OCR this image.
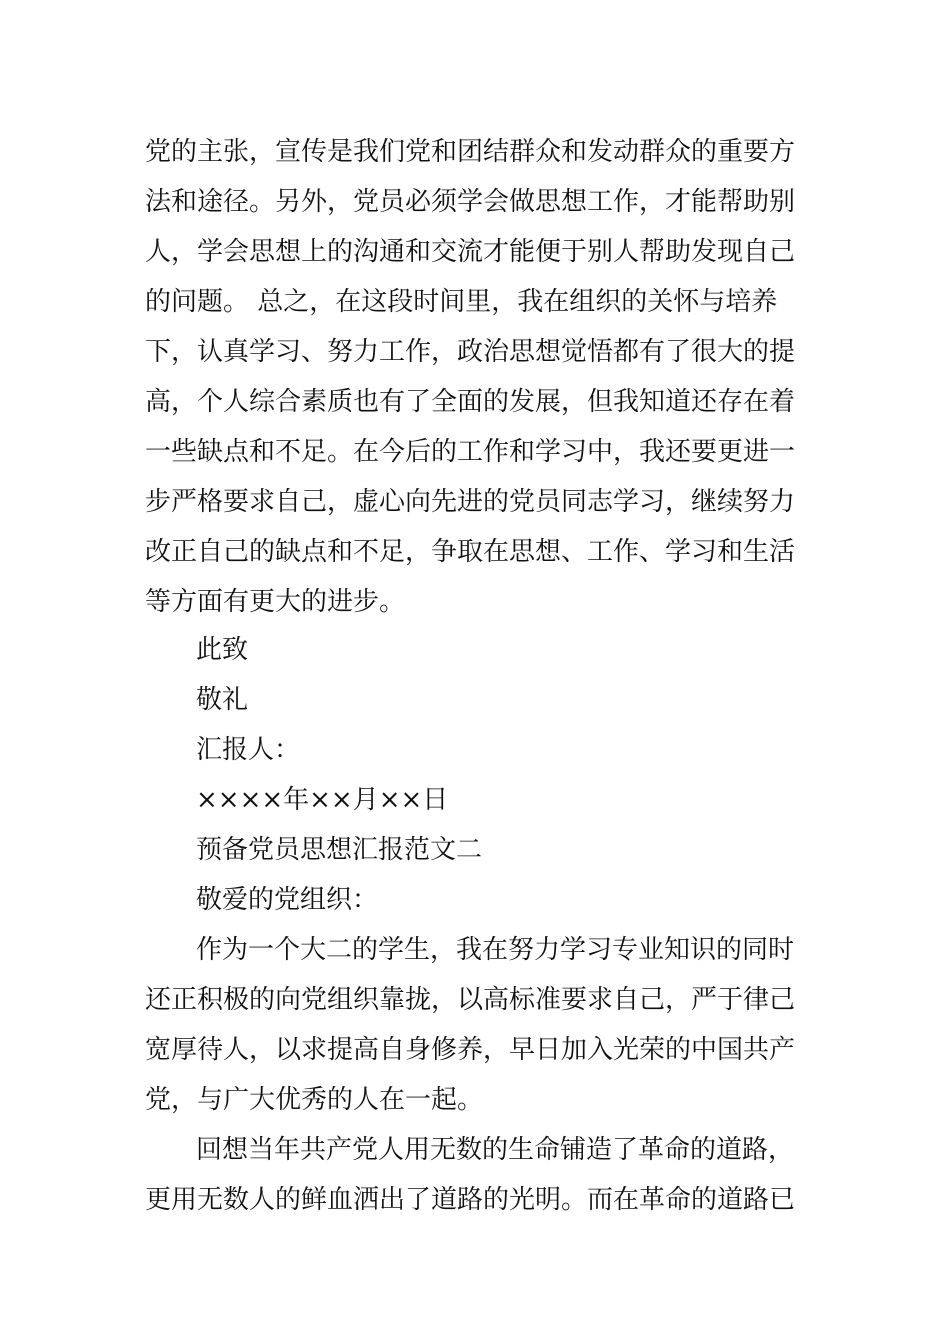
党的主张，宣传是我们党和团结群众和发动群众的重要方
法和途径。另外，党员必须学会做思想工作，才能帮助别
人，学会思想上的沟通和交流才能便于别人帮助发现自己
的问题。 总之，在这段时间里，我在组织的关怀与培养
下，认真学习、努力工作，政治思想觉悟都有了很大的提
高，个人综合素质也有了全面的发展，但我知道还存在着
一些缺点和不足。在今后的工作和学习中，我还要更进一
步严格要求自己，虚心向先进的党员同志学习，继续努力
改正自己的缺点和不足，争取在思想、工作、学习和生活
等方面有更大的进步。
此致
敬礼
汇报人：
××××年××月××日
预备党员思想汇报范文二
敬爱的党组织：
作为一个大二的学生，我在努力学习专业知识的同时
还正积极的向党组织靠拢，以高标准要求自己，严于律己
宽厚待人，以求提高自身修养，早日加入光荣的中国共产
党，与广大优秀的人在一起。
回想当年共产党人用无数的生命铺造了革命的道路，
更用无数人的鲜血洒出了道路的光明。而在革命的道路已
